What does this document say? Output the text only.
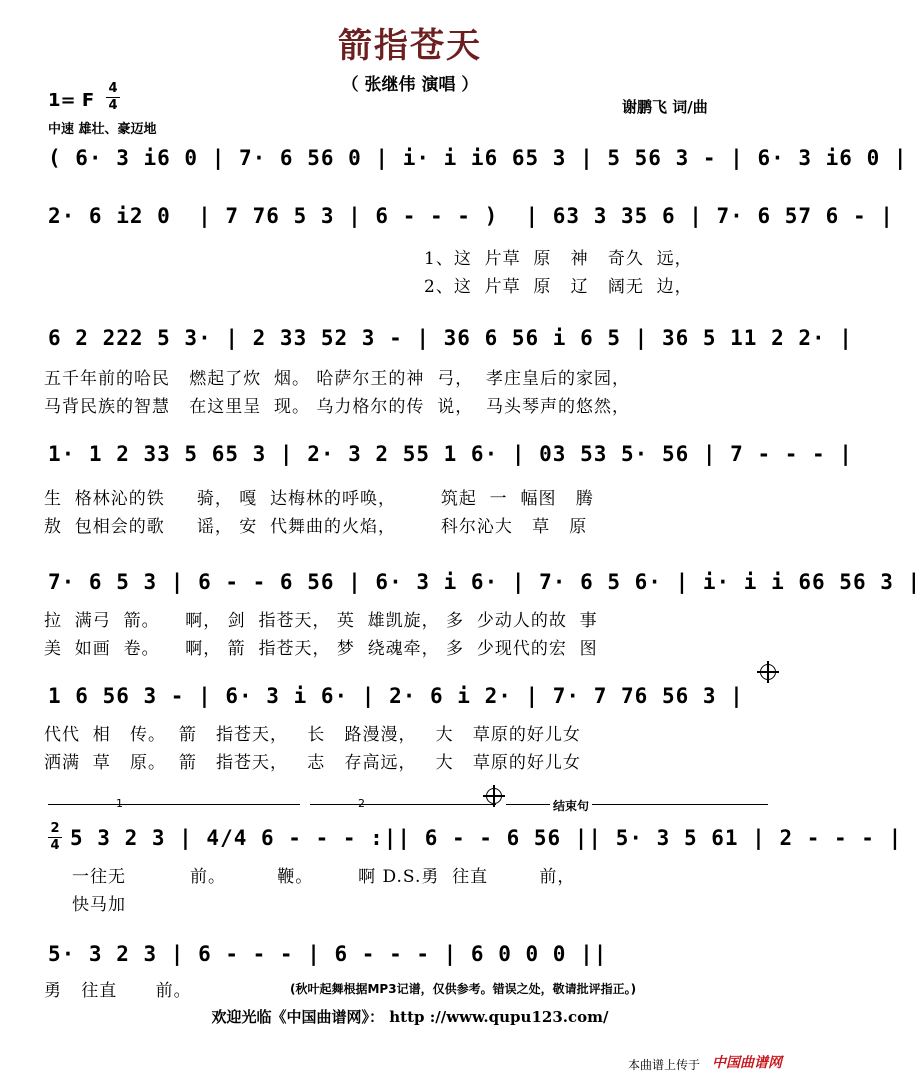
箭指苍天
（ 张继伟 演唱 ）
1= F
4
4
中速 雄壮、豪迈地
谢鹏飞 词/曲
( 6· 3 i6 0 | 7· 6 56 0 | i· i i6 65 3 | 5 56 3 - | 6· 3 i6 0 |
2· 6 i2 0  | 7 76 5 3 | 6 - - - )  | 63 3 35 6 | 7· 6 57 6 - |
1、这  片草  原   神   奇久  远，
2、这  片草  原   辽   阔无  边，
6 2 222 5 3· | 2 33 52 3 - | 36 6 56 i 6 5 | 36 5 11 2 2· |
五千年前的哈民   燃起了炊  烟。 哈萨尔王的神  弓，  孝庄皇后的家园，
马背民族的智慧   在这里呈  现。 乌力格尔的传  说，  马头琴声的悠然，
1· 1 2 33 5 65 3 | 2· 3 2 55 1 6· | 03 53 5· 56 | 7 - - - |
生  格林沁的铁     骑， 嘎  达梅林的呼唤，       筑起  一  幅图   腾
敖  包相会的歌     谣， 安  代舞曲的火焰，       科尔沁大   草   原
7· 6 5 3 | 6 - - 6 56 | 6· 3 i 6· | 7· 6 5 6· | i· i i 66 56 3 |
拉  满弓  箭。    啊， 剑  指苍天， 英  雄凯旋， 多  少动人的故  事
美  如画  卷。    啊， 箭  指苍天， 梦  绕魂牵， 多  少现代的宏  图
1 6 56 3 - | 6· 3 i 6· | 2· 6 i 2· | 7· 7 76 56 3 |
代代  相   传。  箭   指苍天，   长   路漫漫，   大   草原的好儿女
洒满  草   原。  箭   指苍天，   志   存高远，   大   草原的好儿女
1	2	结束句
2
4 5 3 2 3 | 4/4 6 - - - :|| 6 - - 6 56 || 5· 3 5 61 | 2 - - - |
一往无          前。        鞭。       啊 D.S.勇  往直        前，
快马加
5· 3 2 3 | 6 - - - | 6 - - - | 6 0 0 0 ||
勇   往直      前。	(秋叶起舞根据MP3记谱，仅供参考。错误之处，敬请批评指正。)
欢迎光临《中国曲谱网》： http ://www.qupu123.com/
本曲谱上传于 中国曲谱网
